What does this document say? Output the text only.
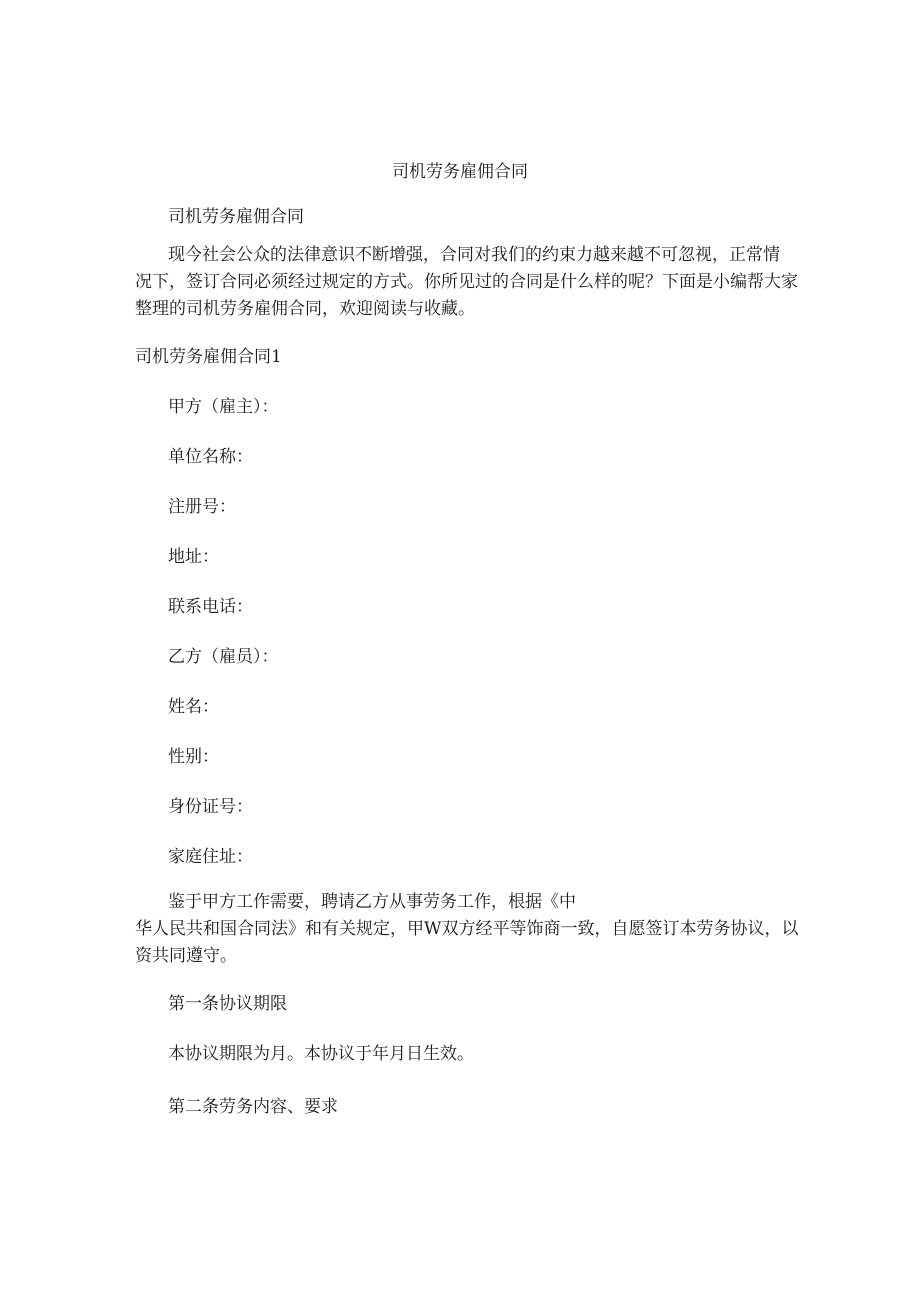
司机劳务雇佣合同

司机劳务雇佣合同

现今社会公众的法律意识不断增强，合同对我们的约束力越来越不可忽视，正常情

况下，签订合同必须经过规定的方式。你所见过的合同是什么样的呢？下面是小编帮大家

整理的司机劳务雇佣合同，欢迎阅读与收藏。

司机劳务雇佣合同1

甲方（雇主）：

单位名称：

注册号：

地址：

联系电话：

乙方（雇员）：

姓名：

性别：

身份证号：

家庭住址：

鉴于甲方工作需要，聘请乙方从事劳务工作，根据《中

华人民共和国合同法》和有关规定，甲W双方经平等饰商一致，自愿签订本劳务协议，以

资共同遵守。

第一条协议期限

本协议期限为月。本协议于年月日生效。

第二条劳务内容、要求
